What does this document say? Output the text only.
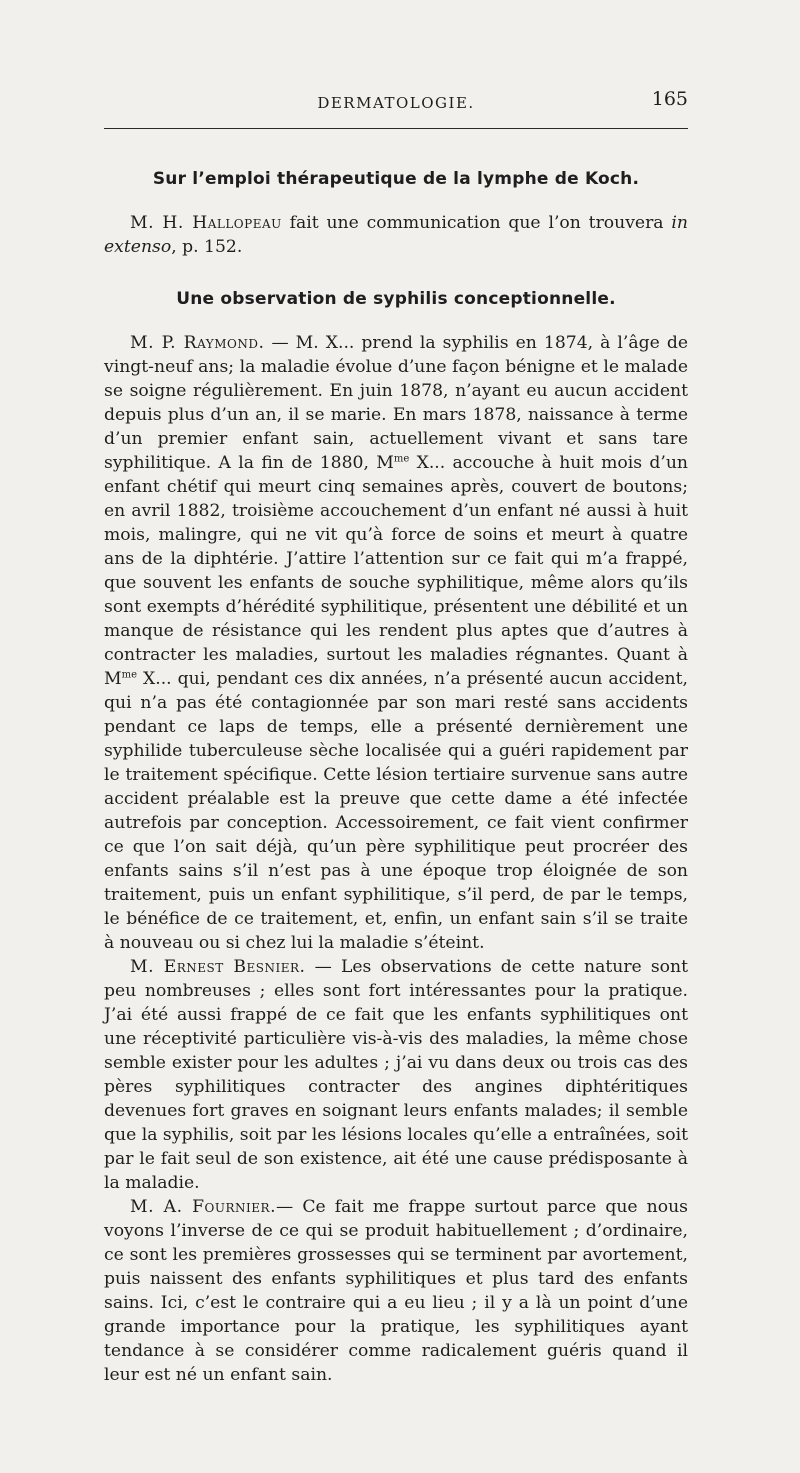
DERMATOLOGIE.	165
Sur l’emploi thérapeutique de la lymphe de Koch.

M. H. Hallopeau fait une communication que l’on trouvera in extenso, p. 152.

Une observation de syphilis conceptionnelle.

M. P. Raymond. — M. X... prend la syphilis en 1874, à l’âge de vingt-neuf ans; la maladie évolue d’une façon bénigne et le malade se soigne régulièrement. En juin 1878, n’ayant eu aucun accident depuis plus d’un an, il se marie. En mars 1878, naissance à terme d’un premier enfant sain, actuellement vivant et sans tare syphilitique. A la fin de 1880, $M^{me}$ X... accouche à huit mois d’un enfant chétif qui meurt cinq semaines après, couvert de boutons; en avril 1882, troisième accouchement d’un enfant né aussi à huit mois, malingre, qui ne vit qu’à force de soins et meurt à quatre ans de la diphtérie. J’attire l’attention sur ce fait qui m’a frappé, que souvent les enfants de souche syphilitique, même alors qu’ils sont exempts d’hérédité syphilitique, présentent une débilité et un manque de résistance qui les rendent plus aptes que d’autres à contracter les maladies, surtout les maladies régnantes. Quant à $M^{me}$ X... qui, pendant ces dix années, n’a présenté aucun accident, qui n’a pas été contagionnée par son mari resté sans accidents pendant ce laps de temps, elle a présenté dernièrement une syphilide tuberculeuse sèche localisée qui a guéri rapidement par le traitement spécifique. Cette lésion tertiaire survenue sans autre accident préalable est la preuve que cette dame a été infectée autrefois par conception. Accessoirement, ce fait vient confirmer ce que l’on sait déjà, qu’un père syphilitique peut procréer des enfants sains s’il n’est pas à une époque trop éloignée de son traitement, puis un enfant syphilitique, s’il perd, de par le temps, le bénéfice de ce traitement, et, enfin, un enfant sain s’il se traite à nouveau ou si chez lui la maladie s’éteint.

M. Ernest Besnier. — Les observations de cette nature sont peu nombreuses ; elles sont fort intéressantes pour la pratique. J’ai été aussi frappé de ce fait que les enfants syphilitiques ont une réceptivité particulière vis-à-vis des maladies, la même chose semble exister pour les adultes ; j’ai vu dans deux ou trois cas des pères syphilitiques contracter des angines diphtéritiques devenues fort graves en soignant leurs enfants malades; il semble que la syphilis, soit par les lésions locales qu’elle a entraînées, soit par le fait seul de son existence, ait été une cause prédisposante à la maladie.

M. A. Fournier.— Ce fait me frappe surtout parce que nous voyons l’inverse de ce qui se produit habituellement ; d’ordinaire, ce sont les premières grossesses qui se terminent par avortement, puis naissent des enfants syphilitiques et plus tard des enfants sains. Ici, c’est le contraire qui a eu lieu ; il y a là un point d’une grande importance pour la pratique, les syphilitiques ayant tendance à se considérer comme radicalement guéris quand il leur est né un enfant sain.
